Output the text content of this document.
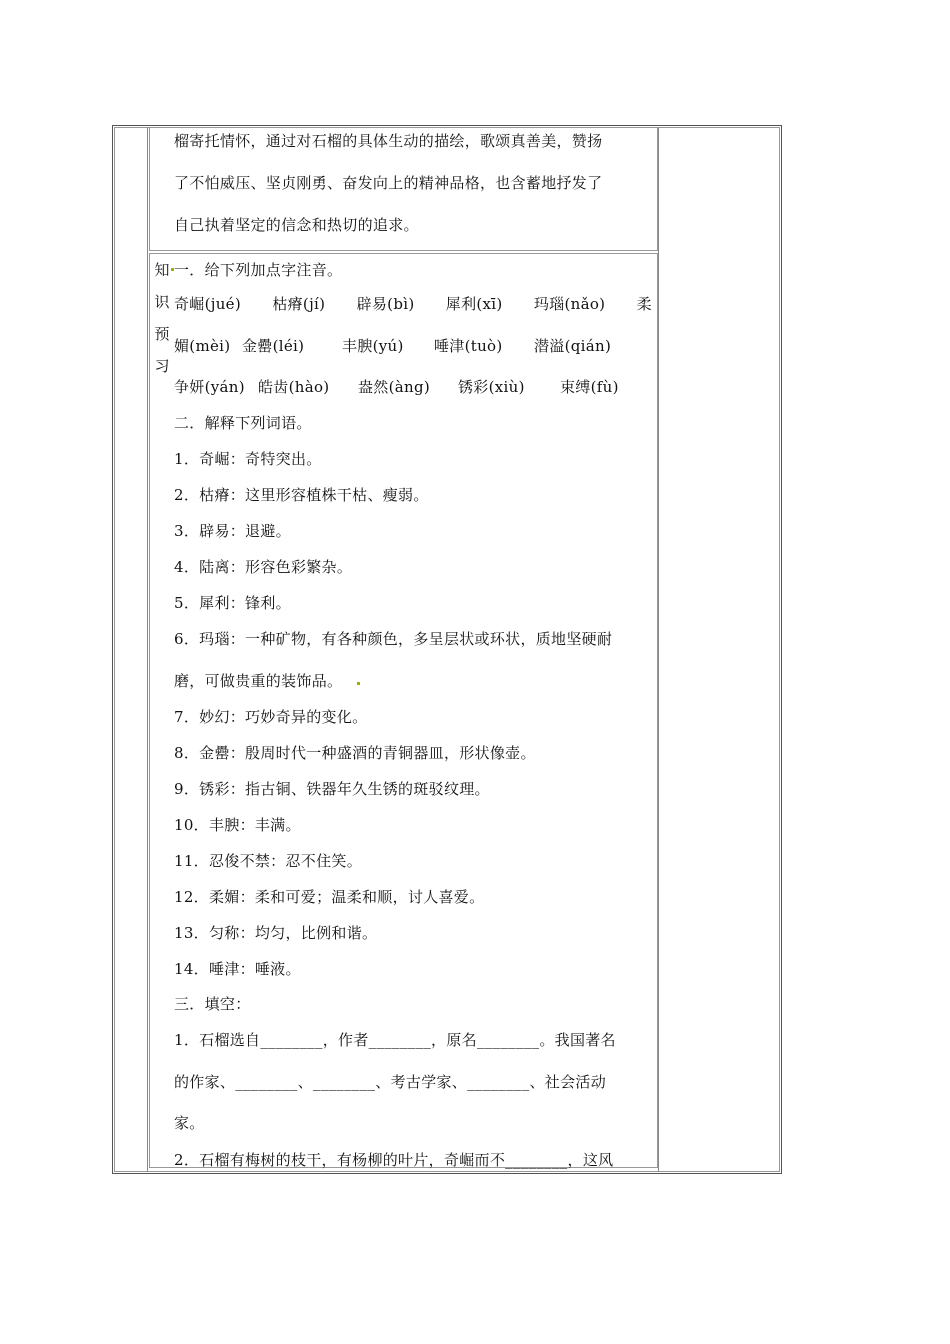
榴寄托情怀，通过对石榴的具体生动的描绘，歌颂真善美，赞扬
了不怕威压、坚贞刚勇、奋发向上的精神品格，也含蓄地抒发了
自己执着坚定的信念和热切的追求。
知
识
预
习
一．给下列加点字注音。
奇崛(jué) 枯瘠(jí) 辟易(bì) 犀利(xī) 玛瑙(nǎo) 柔
媚(mèi) 金罍(léi)	丰腴(yú) 唾津(tuò) 潜溢(qián)
争妍(yán) 皓齿(hào) 盎然(àng) 锈彩(xiù) 束缚(fù)
二．解释下列词语。
1．奇崛：奇特突出。
2．枯瘠：这里形容植株干枯、瘦弱。
3．辟易：退避。
4．陆离：形容色彩繁杂。
5．犀利：锋利。
6．玛瑙：一种矿物，有各种颜色，多呈层状或环状，质地坚硬耐
磨，可做贵重的装饰品。
7．妙幻：巧妙奇异的变化。
8．金罍：殷周时代一种盛酒的青铜器皿，形状像壶。
9．锈彩：指古铜、铁器年久生锈的斑驳纹理。
10．丰腴：丰满。
11．忍俊不禁：忍不住笑。
12．柔媚：柔和可爱；温柔和顺，讨人喜爱。
13．匀称：均匀，比例和谐。
14．唾津：唾液。
三．填空：
1．石榴选自________，作者________，原名________。我国著名
的作家、________、________、考古学家、________、社会活动
家。
2．石榴有梅树的枝干，有杨柳的叶片，奇崛而不________，这风
